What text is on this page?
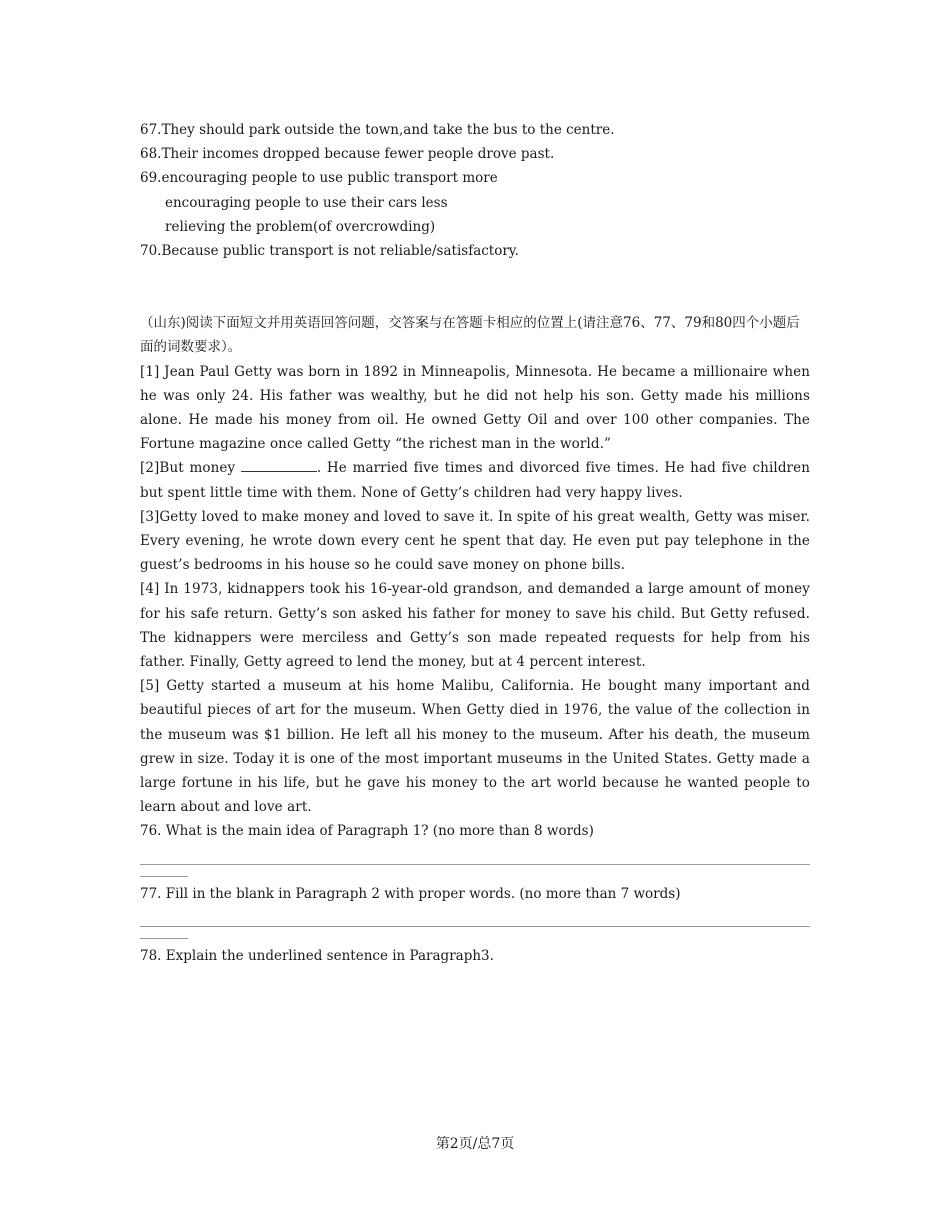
67.They should park outside the town,and take the bus to the centre.

68.Their incomes dropped because fewer people drove past.

69.encouraging people to use public transport more

encouraging people to use their cars less

relieving the problem(of overcrowding)

70.Because public transport is not reliable/satisfactory.

（山东)阅读下面短文并用英语回答问题，交答案与在答题卡相应的位置上(请注意76、77、79和80四个小题后面的词数要求）。

[1] Jean Paul Getty was born in 1892 in Minneapolis, Minnesota. He became a millionaire when he was only 24. His father was wealthy, but he did not help his son. Getty made his millions alone. He made his money from oil. He owned Getty Oil and over 100 other companies. The Fortune magazine once called Getty “the richest man in the world.”

[2]But money	. He married five times and divorced five times. He had five children but spent little time with them. None of Getty’s children had very happy lives.

[3]Getty loved to make money and loved to save it. In spite of his great wealth, Getty was miser. Every evening, he wrote down every cent he spent that day. He even put pay telephone in the guest’s bedrooms in his house so he could save money on phone bills.

[4] In 1973, kidnappers took his 16-year-old grandson, and demanded a large amount of money for his safe return. Getty’s son asked his father for money to save his child. But Getty refused. The kidnappers were merciless and Getty’s son made repeated requests for help from his father. Finally, Getty agreed to lend the money, but at 4 percent interest.

[5] Getty started a museum at his home Malibu, California. He bought many important and beautiful pieces of art for the museum. When Getty died in 1976, the value of the collection in the museum was $1 billion. He left all his money to the museum. After his death, the museum grew in size. Today it is one of the most important museums in the United States. Getty made a large fortune in his life, but he gave his money to the art world because he wanted people to learn about and love art.

76. What is the main idea of Paragraph 1? (no more than 8 words)

77. Fill in the blank in Paragraph 2 with proper words. (no more than 7 words)

78. Explain the underlined sentence in Paragraph3.

第2页/总7页
